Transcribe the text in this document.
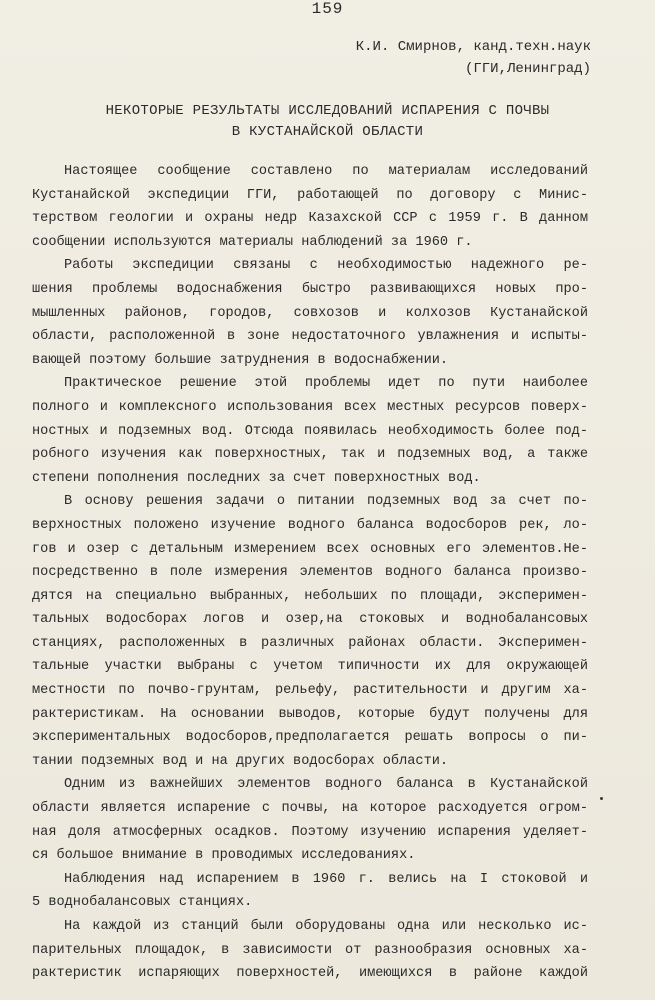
159
К.И. Смирнов, канд.техн.наук
(ГГИ,Ленинград)
НЕКОТОРЫЕ РЕЗУЛЬТАТЫ ИССЛЕДОВАНИЙ ИСПАРЕНИЯ С ПОЧВЫ
В КУСТАНАЙСКОЙ ОБЛАСТИ
Настоящее сообщение составлено по материалам исследований
Кустанайской экспедиции ГГИ, работающей по договору с Минис-
терством геологии и охраны недр Казахской ССР с 1959 г. В данном
сообщении используются материалы наблюдений за 1960 г.
Работы экспедиции связаны с необходимостью надежного ре-
шения проблемы водоснабжения быстро развивающихся новых про-
мышленных районов, городов, совхозов и колхозов Кустанайской
области, расположенной в зоне недостаточного увлажнения и испыты-
вающей поэтому большие затруднения в водоснабжении.
Практическое решение этой проблемы идет по пути наиболее
полного и комплексного использования всех местных ресурсов поверх-
ностных и подземных вод. Отсюда появилась необходимость более под-
робного изучения как поверхностных, так и подземных вод, а также
степени пополнения последних за счет поверхностных вод.
В основу решения задачи о питании подземных вод за счет по-
верхностных положено изучение водного баланса водосборов рек, ло-
гов и озер с детальным измерением всех основных его элементов.Не-
посредственно в поле измерения элементов водного баланса произво-
дятся на специально выбранных, небольших по площади, эксперимен-
тальных водосборах логов и озер,на стоковых и воднобалансовых
станциях, расположенных в различных районах области. Эксперимен-
тальные участки выбраны с учетом типичности их для окружающей
местности по почво-грунтам, рельефу, растительности и другим ха-
рактеристикам. На основании выводов, которые будут получены для
экспериментальных водосборов,предполагается решать вопросы о пи-
тании подземных вод и на других водосборах области.
Одним из важнейших элементов водного баланса в Кустанайской
области является испарение с почвы, на которое расходуется огром-
ная доля атмосферных осадков. Поэтому изучению испарения уделяет-
ся большое внимание в проводимых исследованиях.
Наблюдения над испарением в 1960 г. велись на I стоковой и
5 воднобалансовых станциях.
На каждой из станций были оборудованы одна или несколько ис-
парительных площадок, в зависимости от разнообразия основных ха-
рактеристик испаряющих поверхностей, имеющихся в районе каждой
